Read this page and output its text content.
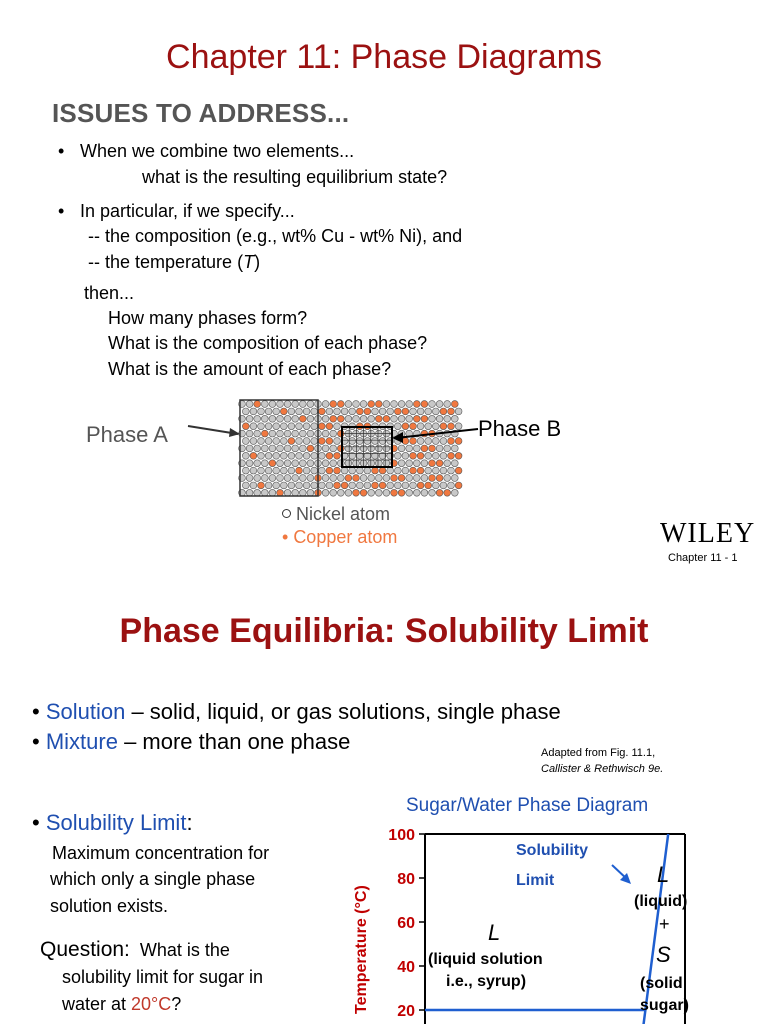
Chapter 11: Phase Diagrams
ISSUES TO ADDRESS...
• When we combine two elements...
what is the resulting equilibrium state?
• In particular, if we specify...
-- the composition (e.g., wt% Cu - wt% Ni), and
-- the temperature (T)
then...
How many phases form?
What is the composition of each phase?
What is the amount of each phase?
Phase A	Phase B
Nickel atom
• Copper atom	WILEY
Chapter 11 - 1
Phase Equilibria: Solubility Limit
• Solution – solid, liquid, or gas solutions, single phase
• Mixture – more than one phase	Adapted from Fig. 11.1,
Callister & Rethwisch 9e.
• Solubility Limit:
Maximum concentration for
which only a single phase
solution exists.
Question: What is the
solubility limit for sugar in
water at 20°C?
Sugar/Water Phase Diagram
100
80
60
40
20
Temperature (°C)
Solubility
Limit
L
(liquid solution
i.e., syrup)
L
(liquid)
+
S
(solid
sugar)
